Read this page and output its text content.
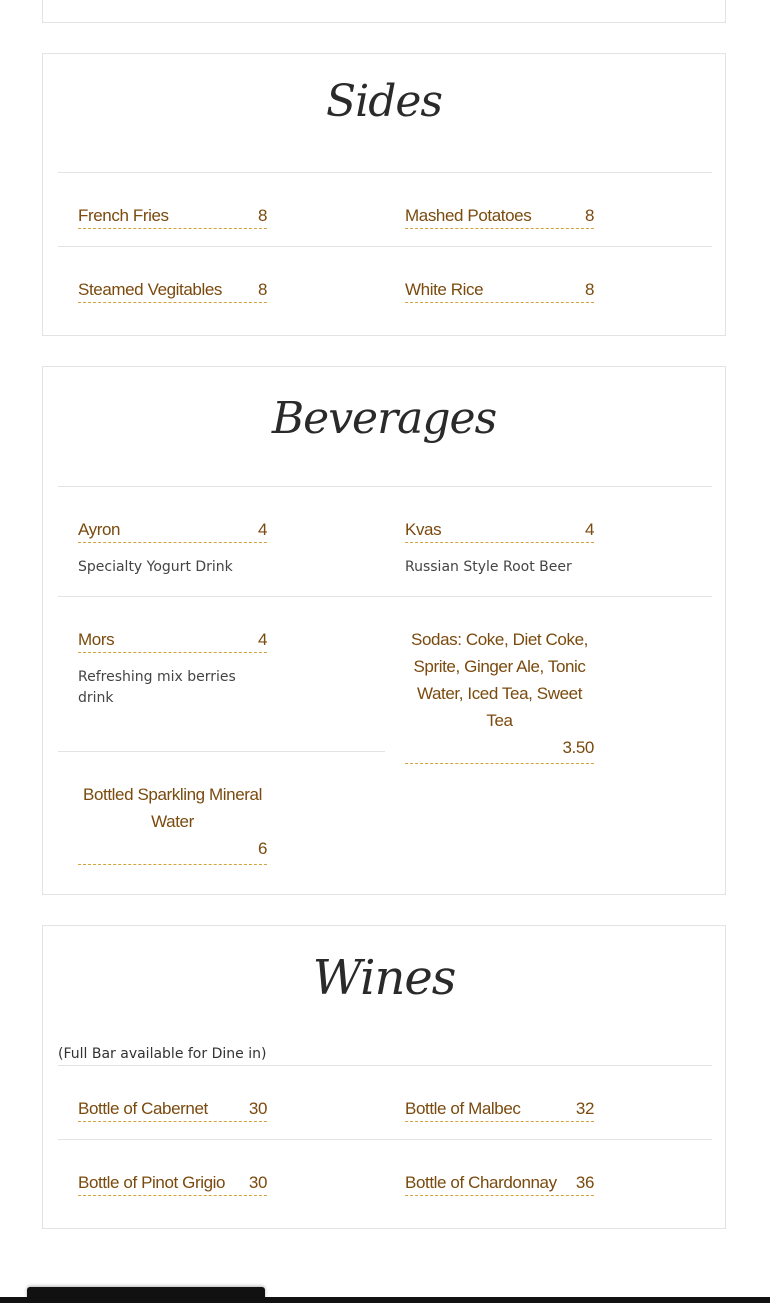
Sides
French Fries	8	Mashed Potatoes	8
Steamed Vegitables 8	White Rice	8
Beverages
Ayron	4
Specialty Yogurt Drink
Kvas	4
Russian Style Root Beer
Mors	4
Refreshing mix berries drink
Sodas: Coke, Diet Coke, Sprite, Ginger Ale, Tonic Water, Iced Tea, Sweet Tea
3.50
Bottled Sparkling Mineral Water
6
Wines
(Full Bar available for Dine in)
Bottle of Cabernet 30	Bottle of Malbec	32
Bottle of Pinot Grigio 30	Bottle of Chardonnay 36
